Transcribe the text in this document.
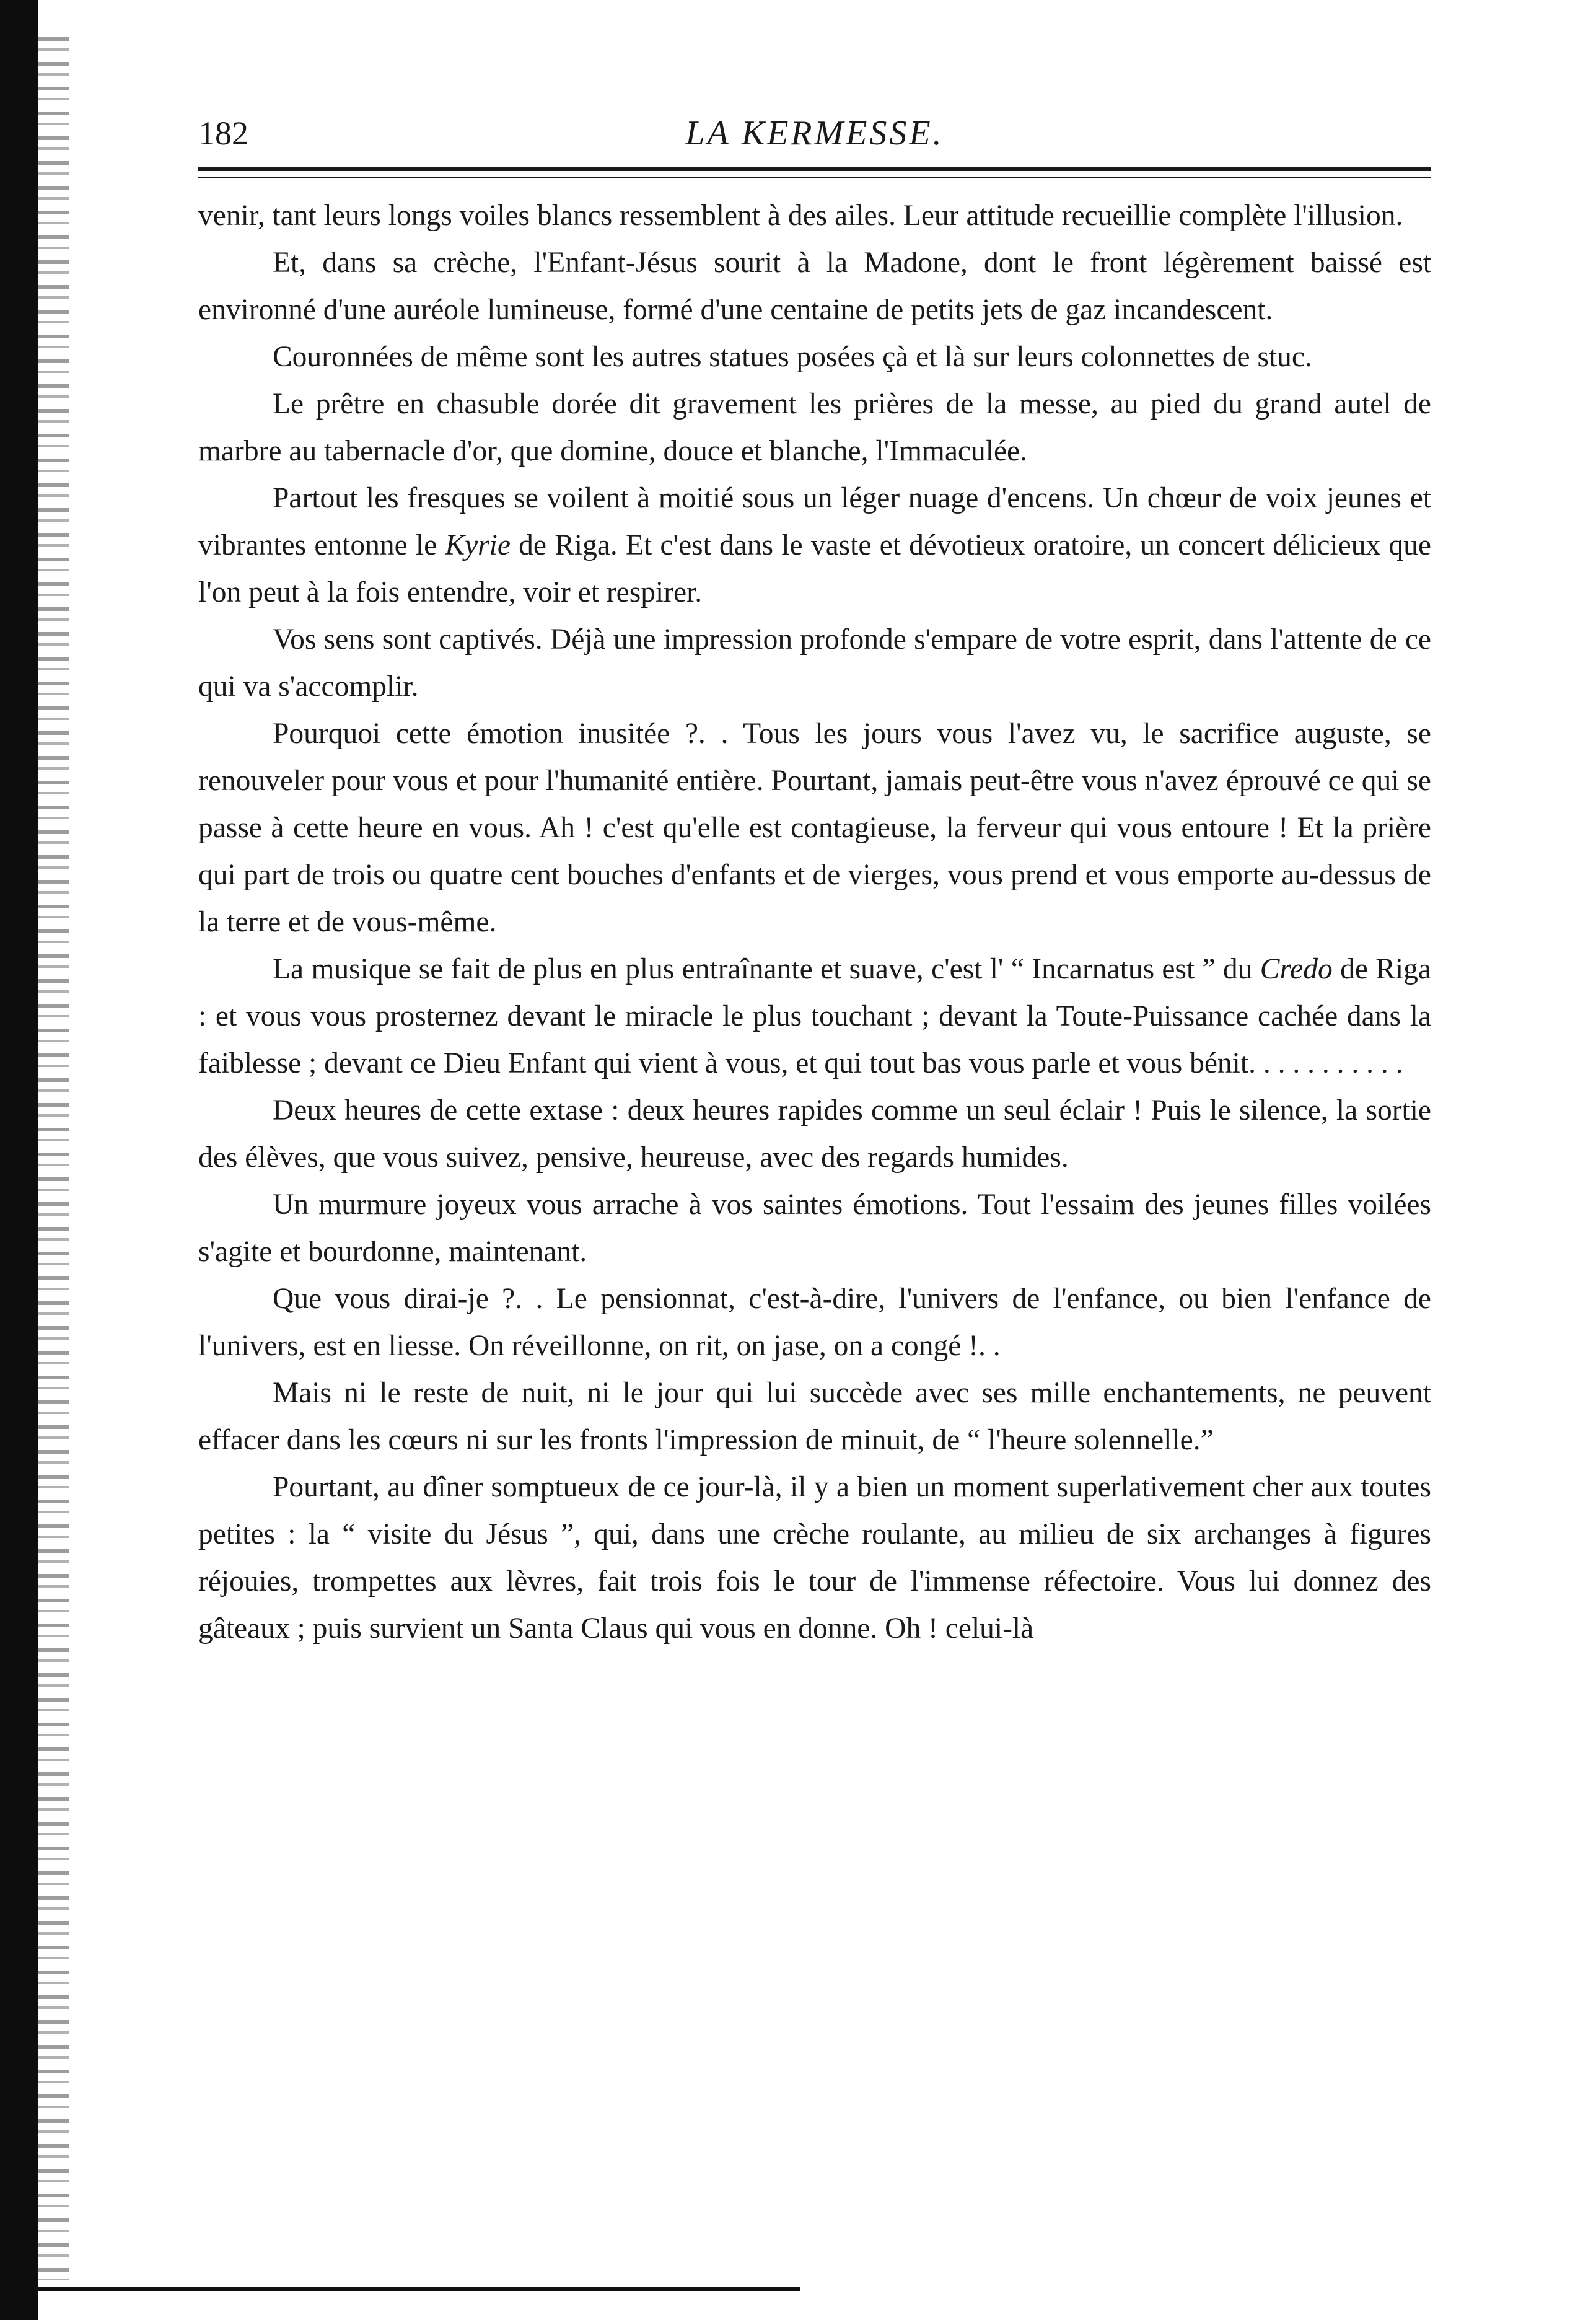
182	LA KERMESSE.

venir, tant leurs longs voiles blancs ressemblent à des ailes. Leur attitude recueillie complète l'illusion.

Et, dans sa crèche, l'Enfant-Jésus sourit à la Madone, dont le front légèrement baissé est environné d'une auréole lumineuse, formé d'une centaine de petits jets de gaz incandescent.

Couronnées de même sont les autres statues posées çà et là sur leurs colonnettes de stuc.

Le prêtre en chasuble dorée dit gravement les prières de la messe, au pied du grand autel de marbre au tabernacle d'or, que domine, douce et blanche, l'Immaculée.

Partout les fresques se voilent à moitié sous un léger nuage d'encens. Un chœur de voix jeunes et vibrantes entonne le Kyrie de Riga. Et c'est dans le vaste et dévotieux oratoire, un concert délicieux que l'on peut à la fois entendre, voir et respirer.

Vos sens sont captivés. Déjà une impression profonde s'empare de votre esprit, dans l'attente de ce qui va s'accomplir.

Pourquoi cette émotion inusitée ?. . Tous les jours vous l'avez vu, le sacrifice auguste, se renouveler pour vous et pour l'humanité entière. Pourtant, jamais peut-être vous n'avez éprouvé ce qui se passe à cette heure en vous. Ah ! c'est qu'elle est contagieuse, la ferveur qui vous entoure ! Et la prière qui part de trois ou quatre cent bouches d'enfants et de vierges, vous prend et vous emporte au-dessus de la terre et de vous-même.

La musique se fait de plus en plus entraînante et suave, c'est l' “ Incarnatus est ” du Credo de Riga : et vous vous prosternez devant le miracle le plus touchant ; devant la Toute-Puissance cachée dans la faiblesse ; devant ce Dieu Enfant qui vient à vous, et qui tout bas vous parle et vous bénit. . . . . . . . . . .

Deux heures de cette extase : deux heures rapides comme un seul éclair ! Puis le silence, la sortie des élèves, que vous suivez, pensive, heureuse, avec des regards humides.

Un murmure joyeux vous arrache à vos saintes émotions. Tout l'essaim des jeunes filles voilées s'agite et bourdonne, maintenant.

Que vous dirai-je ?. . Le pensionnat, c'est-à-dire, l'univers de l'enfance, ou bien l'enfance de l'univers, est en liesse. On réveillonne, on rit, on jase, on a congé !. .

Mais ni le reste de nuit, ni le jour qui lui succède avec ses mille enchantements, ne peuvent effacer dans les cœurs ni sur les fronts l'impression de minuit, de “ l'heure solennelle.”

Pourtant, au dîner somptueux de ce jour-là, il y a bien un moment superlativement cher aux toutes petites : la “ visite du Jésus ”, qui, dans une crèche roulante, au milieu de six archanges à figures réjouies, trompettes aux lèvres, fait trois fois le tour de l'immense réfectoire. Vous lui donnez des gâteaux ; puis survient un Santa Claus qui vous en donne. Oh ! celui-là
